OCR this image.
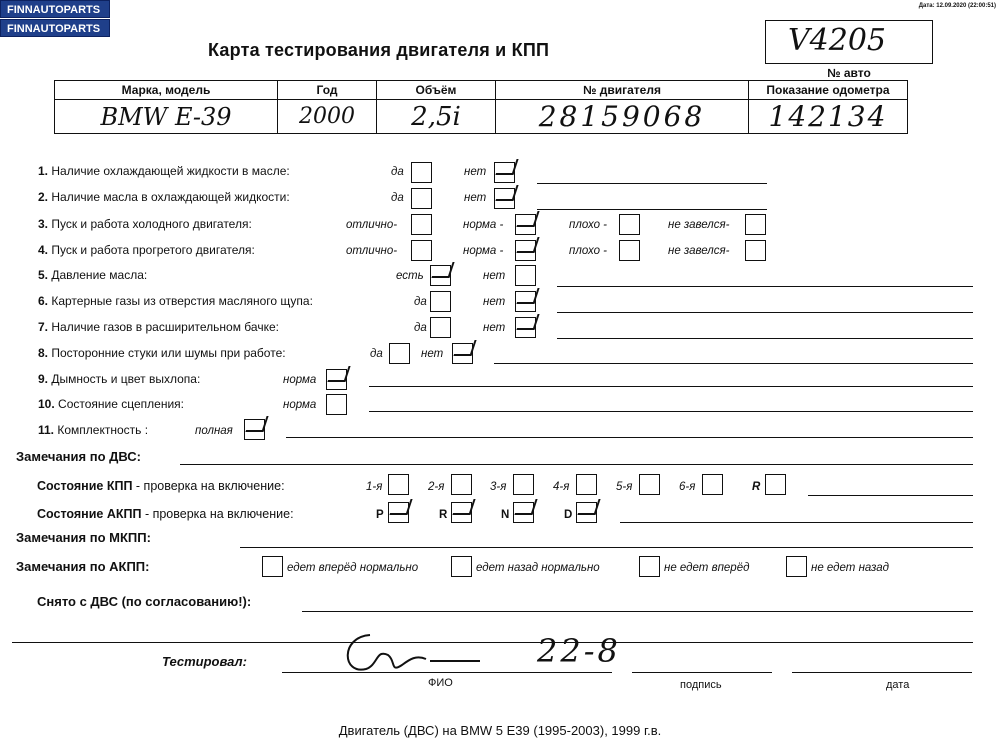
FINNAUTOPARTS
FINNAUTOPARTS
Дата: 12.09.2020 (22:00:51)
Карта тестирования двигателя и КПП	V4205
№ авто
Марка, модель	Год	Объём	№ двигателя	Показание одометра
BMW E-39	2000	2,5i	28159068	142134
1. Наличие охлаждающей жидкости в масле:	да	нет
2. Наличие масла в охлаждающей жидкости:	да	нет
3. Пуск и работа холодного двигателя:	отлично-	норма -	плохо -	не завелся-
4. Пуск и работа прогретого двигателя:	отлично-	норма -	плохо -	не завелся-
5. Давление масла:	есть	нет
6. Картерные газы из отверстия масляного щупа:	да	нет
7. Наличие газов в расширительном бачке:	да	нет
8. Посторонние стуки или шумы при работе:	да	нет
9. Дымность и цвет выхлопа:	норма
10. Состояние сцепления:	норма
11. Комплектность :	полная
Замечания по ДВС:
Состояние КПП - проверка на включение:	1-я	2-я	3-я	4-я	5-я	6-я	R
Состояние АКПП - проверка на включение:	P	R	N	D
Замечания по МКПП:
Замечания по АКПП:	едет вперёд нормально	едет назад нормально	не едет вперёд	не едет назад
Снято с ДВС (по согласованию!):
Тестировал:	22-8
ФИО	подпись	дата
Двигатель (ДВС) на BMW 5 E39 (1995-2003), 1999 г.в.
